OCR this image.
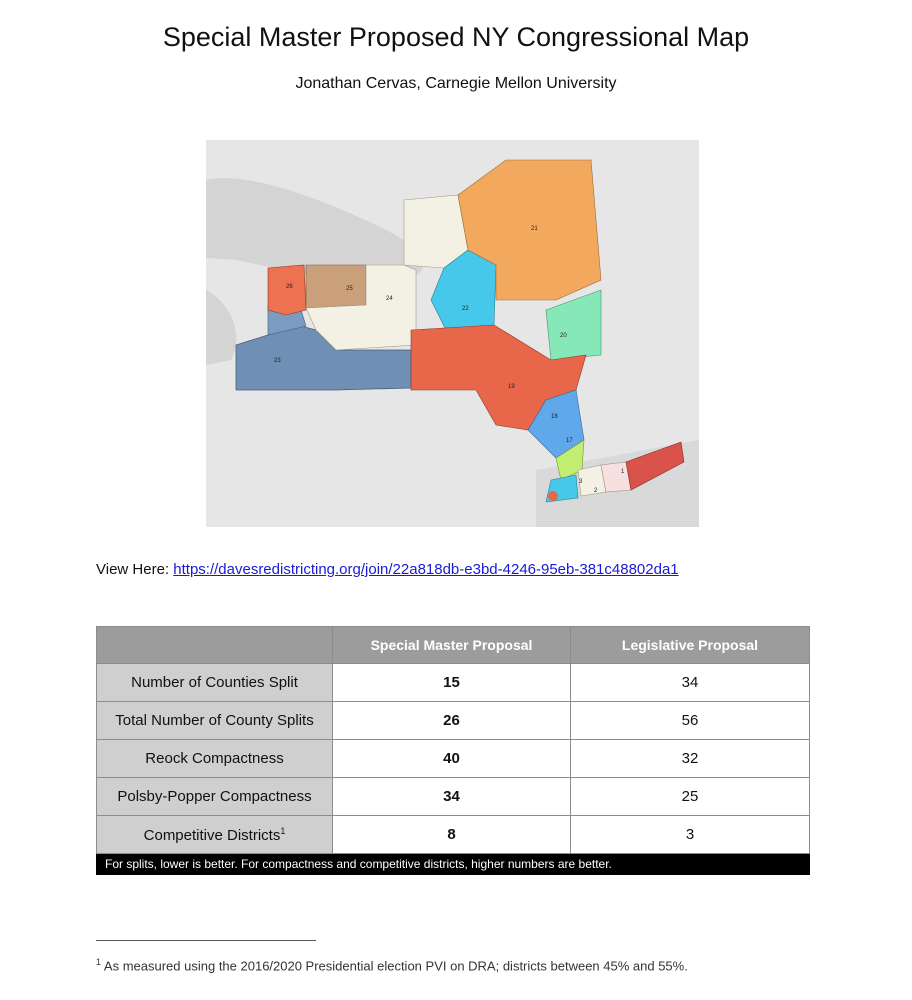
Special Master Proposed NY Congressional Map
Jonathan Cervas, Carnegie Mellon University
26	25
24
23
22
21
20
19
18
17
3
2
1
View Here: https://davesredistricting.org/join/22a818db-e3bd-4246-95eb-381c48802da1
	Special Master Proposal	Legislative Proposal
Number of Counties Split	15	34
Total Number of County Splits	26	56
Reock Compactness	40	32
Polsby-Popper Compactness	34	25
Competitive Districts$^1$	8	3
For splits, lower is better. For compactness and competitive districts, higher numbers are better.		
$^1$ As measured using the 2016/2020 Presidential election PVI on DRA; districts between 45% and 55%.
